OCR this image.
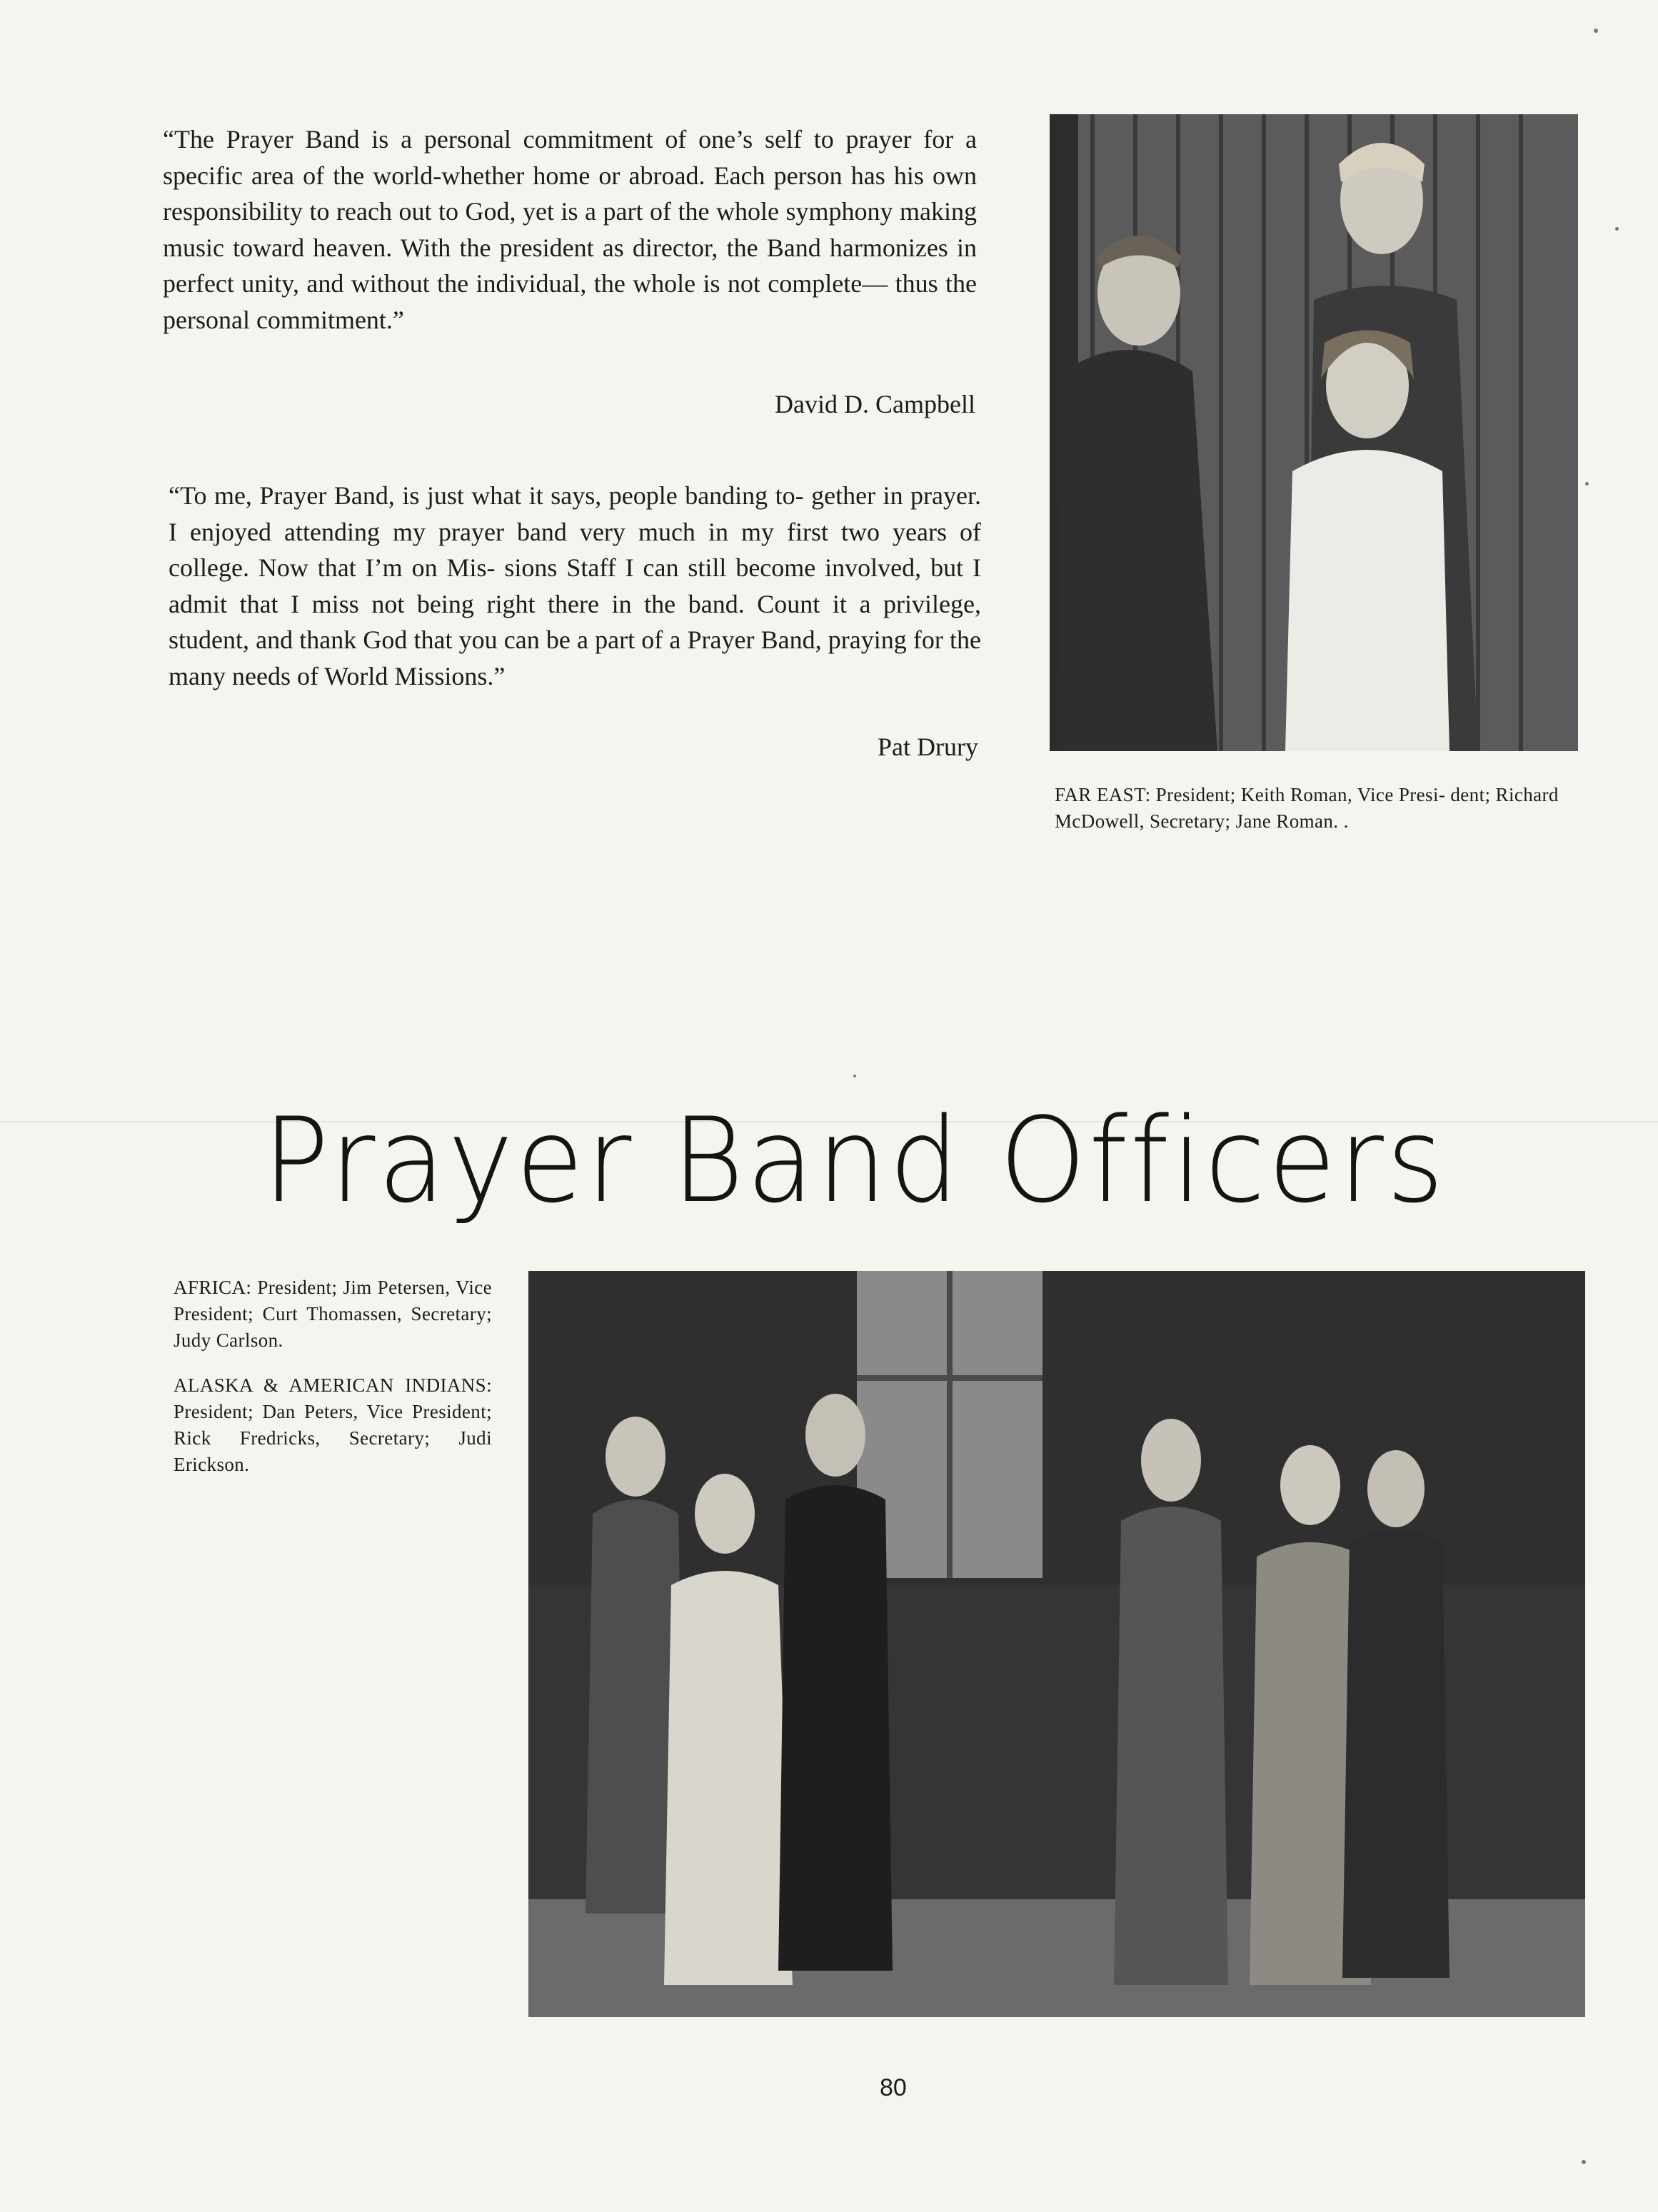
“The Prayer Band is a personal commitment of one’s self to prayer for a specific area of the world-whether home or abroad. Each person has his own responsibility to reach out to God, yet is a part of the whole symphony making music toward heaven. With the president as director, the Band harmonizes in perfect unity, and without the individual, the whole is not complete— thus the personal commitment.”

David D. Campbell

“To me, Prayer Band, is just what it says, people banding to- gether in prayer. I enjoyed attending my prayer band very much in my first two years of college. Now that I’m on Mis- sions Staff I can still become involved, but I admit that I miss not being right there in the band. Count it a privilege, student, and thank God that you can be a part of a Prayer Band, praying for the many needs of World Missions.”

Pat Drury
FAR EAST: President; Keith Roman, Vice Presi- dent; Richard McDowell, Secretary; Jane Roman. .
Prayer Band Officers

AFRICA: President; Jim Petersen, Vice President; Curt Thomassen, Secretary; Judy Carlson.

ALASKA & AMERICAN INDIANS: President; Dan Peters, Vice President; Rick Fredricks, Secretary; Judi Erickson.

80
